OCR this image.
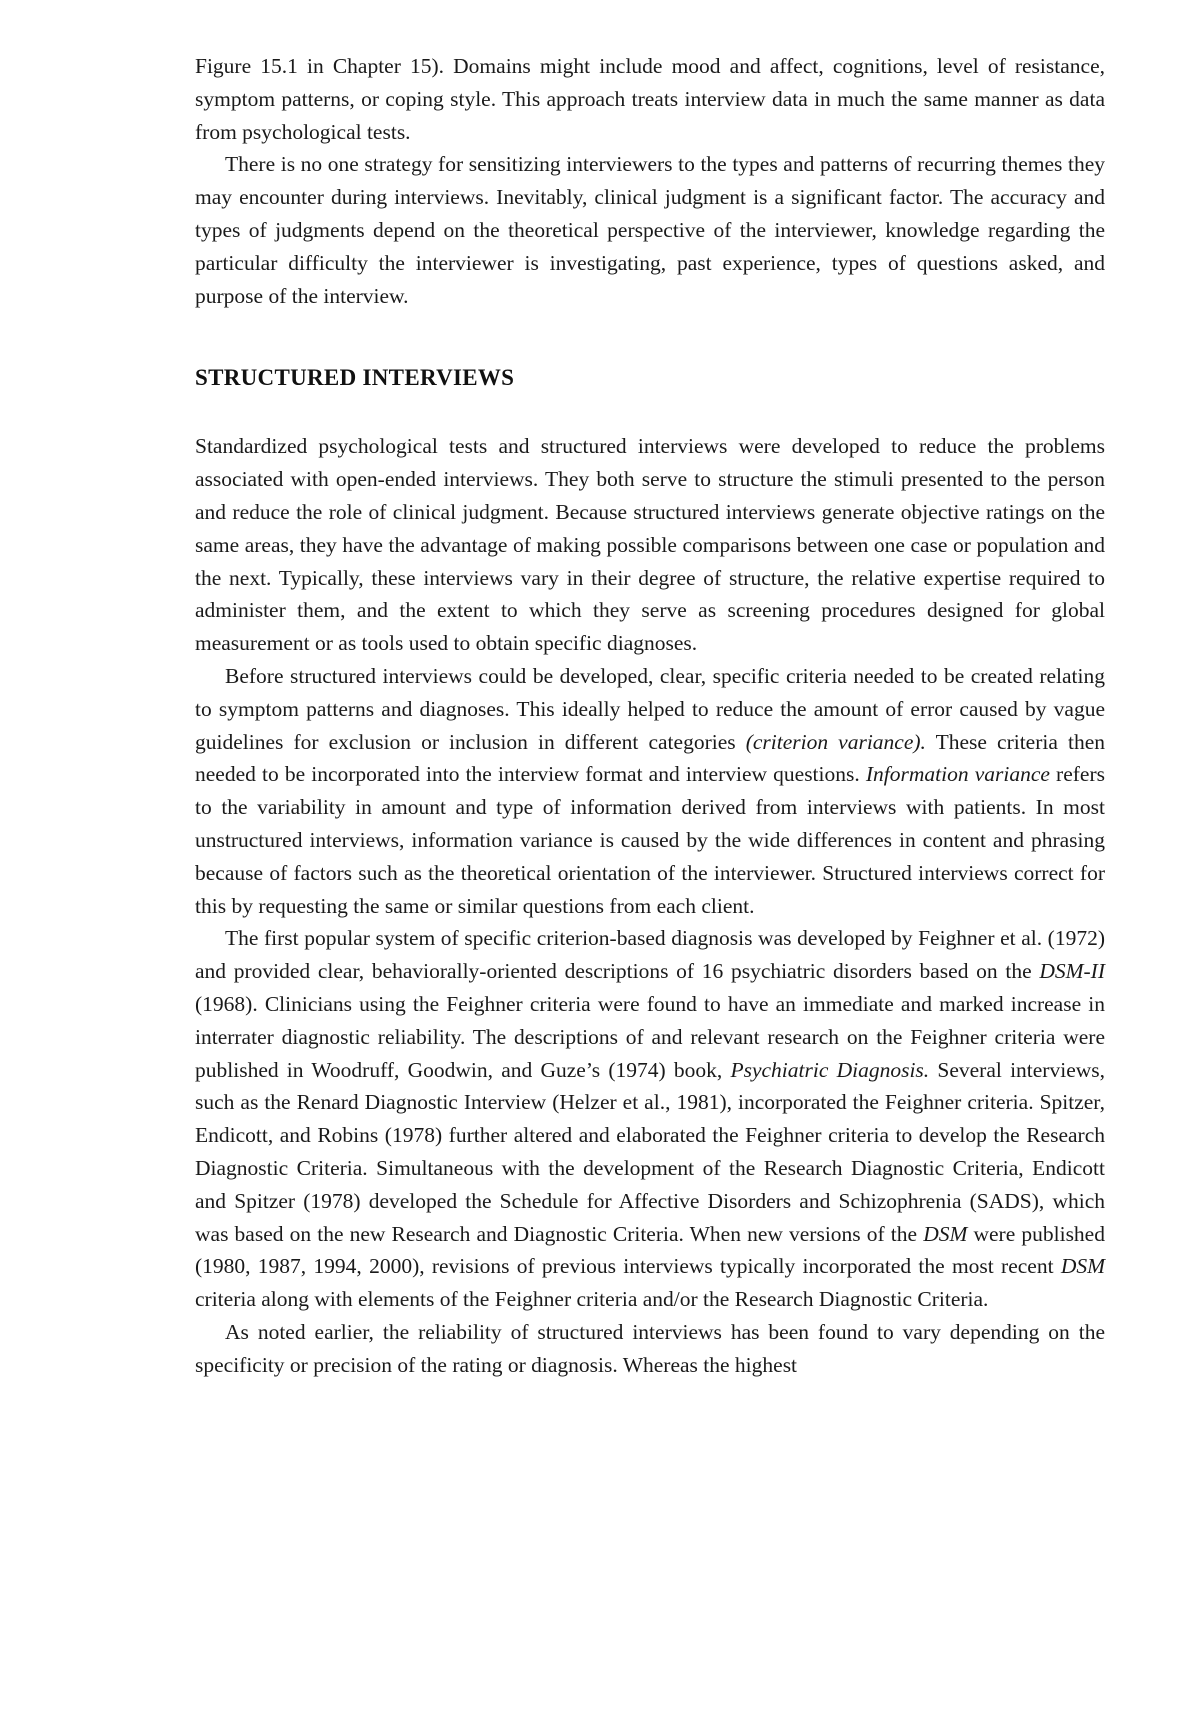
Figure 15.1 in Chapter 15). Domains might include mood and affect, cognitions, level of resistance, symptom patterns, or coping style. This approach treats interview data in much the same manner as data from psychological tests.

There is no one strategy for sensitizing interviewers to the types and patterns of recurring themes they may encounter during interviews. Inevitably, clinical judgment is a significant factor. The accuracy and types of judgments depend on the theoretical perspective of the interviewer, knowledge regarding the particular difficulty the interviewer is investigating, past experience, types of questions asked, and purpose of the interview.

STRUCTURED INTERVIEWS

Standardized psychological tests and structured interviews were developed to reduce the problems associated with open-ended interviews. They both serve to structure the stimuli presented to the person and reduce the role of clinical judgment. Because structured interviews generate objective ratings on the same areas, they have the advantage of making possible comparisons between one case or population and the next. Typically, these interviews vary in their degree of structure, the relative expertise required to administer them, and the extent to which they serve as screening procedures designed for global measurement or as tools used to obtain specific diagnoses.

Before structured interviews could be developed, clear, specific criteria needed to be created relating to symptom patterns and diagnoses. This ideally helped to reduce the amount of error caused by vague guidelines for exclusion or inclusion in different categories (criterion variance). These criteria then needed to be incorporated into the interview format and interview questions. Information variance refers to the variability in amount and type of information derived from interviews with patients. In most unstructured interviews, information variance is caused by the wide differences in content and phrasing because of factors such as the theoretical orientation of the interviewer. Structured interviews correct for this by requesting the same or similar questions from each client.

The first popular system of specific criterion-based diagnosis was developed by Feighner et al. (1972) and provided clear, behaviorally-oriented descriptions of 16 psychiatric disorders based on the DSM-II (1968). Clinicians using the Feighner criteria were found to have an immediate and marked increase in interrater diagnostic reliability. The descriptions of and relevant research on the Feighner criteria were published in Woodruff, Goodwin, and Guze’s (1974) book, Psychiatric Diagnosis. Several interviews, such as the Renard Diagnostic Interview (Helzer et al., 1981), incorporated the Feighner criteria. Spitzer, Endicott, and Robins (1978) further altered and elaborated the Feighner criteria to develop the Research Diagnostic Criteria. Simultaneous with the development of the Research Diagnostic Criteria, Endicott and Spitzer (1978) developed the Schedule for Affective Disorders and Schizophrenia (SADS), which was based on the new Research and Diagnostic Criteria. When new versions of the DSM were published (1980, 1987, 1994, 2000), revisions of previous interviews typically incorporated the most recent DSM criteria along with elements of the Feighner criteria and/or the Research Diagnostic Criteria.

As noted earlier, the reliability of structured interviews has been found to vary depending on the specificity or precision of the rating or diagnosis. Whereas the highest
